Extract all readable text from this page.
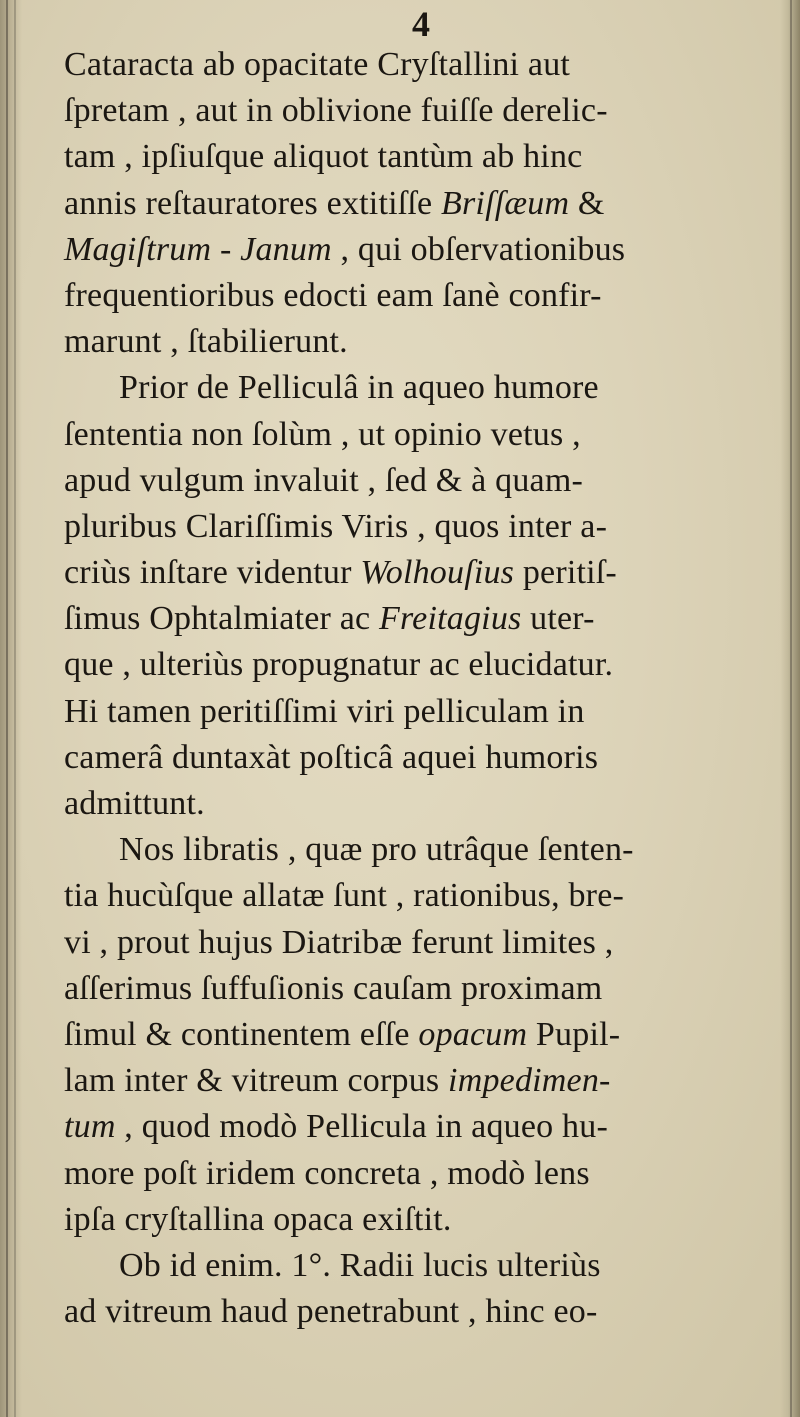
4
Cataracta ab opacitate Cryſtallini aut
ſpretam , aut in oblivione fuiſſe derelic-
tam , ipſiuſque aliquot tantùm ab hinc
annis reſtauratores extitiſſe Briſſæum &
Magiſtrum - Janum , qui obſervationibus
frequentioribus edocti eam ſanè confir-
marunt , ſtabilierunt.
Prior de Pelliculâ in aqueo humore
ſententia non ſolùm , ut opinio vetus ,
apud vulgum invaluit , ſed & à quam-
pluribus Clariſſimis Viris , quos inter a-
criùs inſtare videntur Wolhouſius peritiſ-
ſimus Ophtalmiater ac Freitagius uter-
que , ulteriùs propugnatur ac elucidatur.
Hi tamen peritiſſimi viri pelliculam in
camerâ duntaxàt poſticâ aquei humoris
admittunt.
Nos libratis , quæ pro utrâque ſenten-
tia hucùſque allatæ ſunt , rationibus, bre-
vi , prout hujus Diatribæ ferunt limites ,
aſſerimus ſuffuſionis cauſam proximam
ſimul & continentem eſſe opacum Pupil-
lam inter & vitreum corpus impedimen-
tum , quod modò Pellicula in aqueo hu-
more poſt iridem concreta , modò lens
ipſa cryſtallina opaca exiſtit.
Ob id enim. 1°. Radii lucis ulteriùs
ad vitreum haud penetrabunt , hinc eo-
